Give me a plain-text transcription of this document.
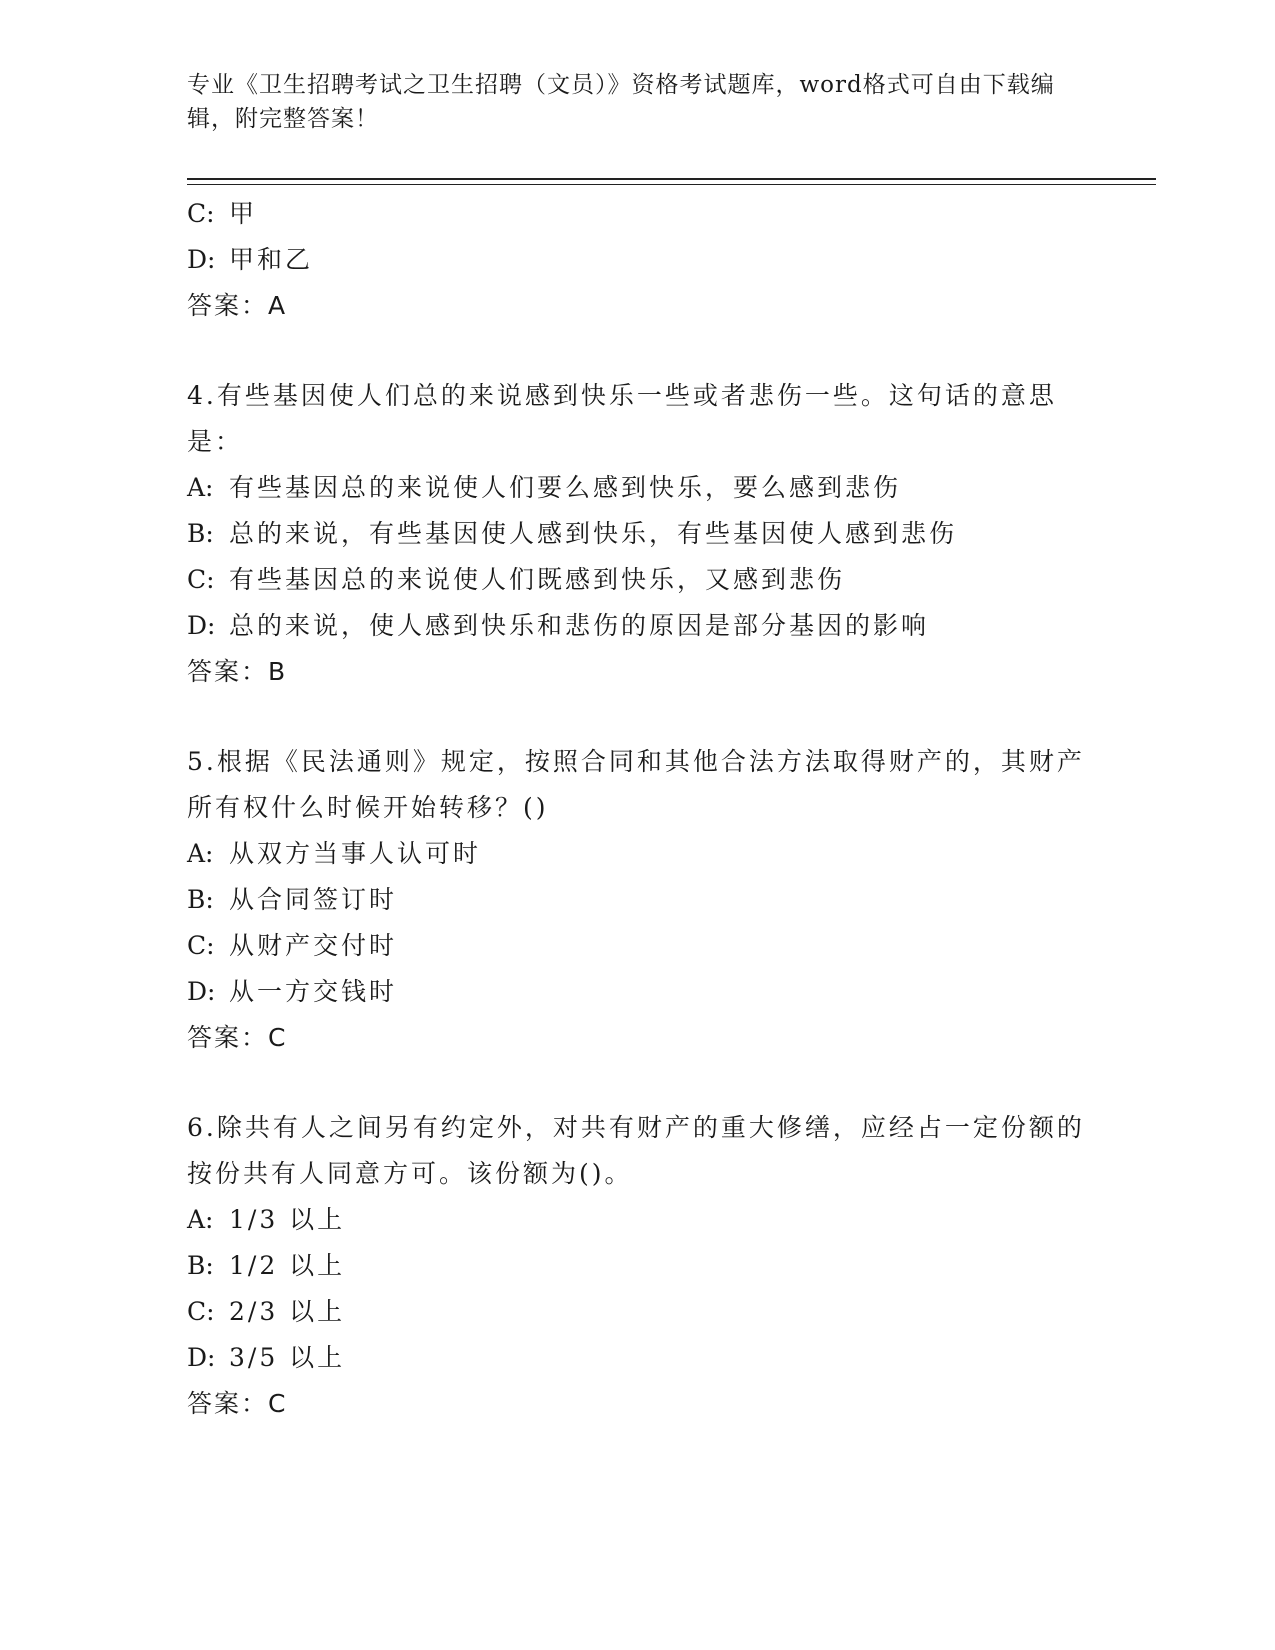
专业《卫生招聘考试之卫生招聘（文员）》资格考试题库，word格式可自由下载编辑，附完整答案！
C: 甲
D: 甲和乙
答案：A
4.有些基因使人们总的来说感到快乐一些或者悲伤一些。这句话的意思是：
A: 有些基因总的来说使人们要么感到快乐，要么感到悲伤
B: 总的来说，有些基因使人感到快乐，有些基因使人感到悲伤
C: 有些基因总的来说使人们既感到快乐，又感到悲伤
D: 总的来说，使人感到快乐和悲伤的原因是部分基因的影响
答案：B
5.根据《民法通则》规定，按照合同和其他合法方法取得财产的，其财产所有权什么时候开始转移？()
A: 从双方当事人认可时
B: 从合同签订时
C: 从财产交付时
D: 从一方交钱时
答案：C
6.除共有人之间另有约定外，对共有财产的重大修缮，应经占一定份额的按份共有人同意方可。该份额为()。
A: 1/3 以上
B: 1/2 以上
C: 2/3 以上
D: 3/5 以上
答案：C
